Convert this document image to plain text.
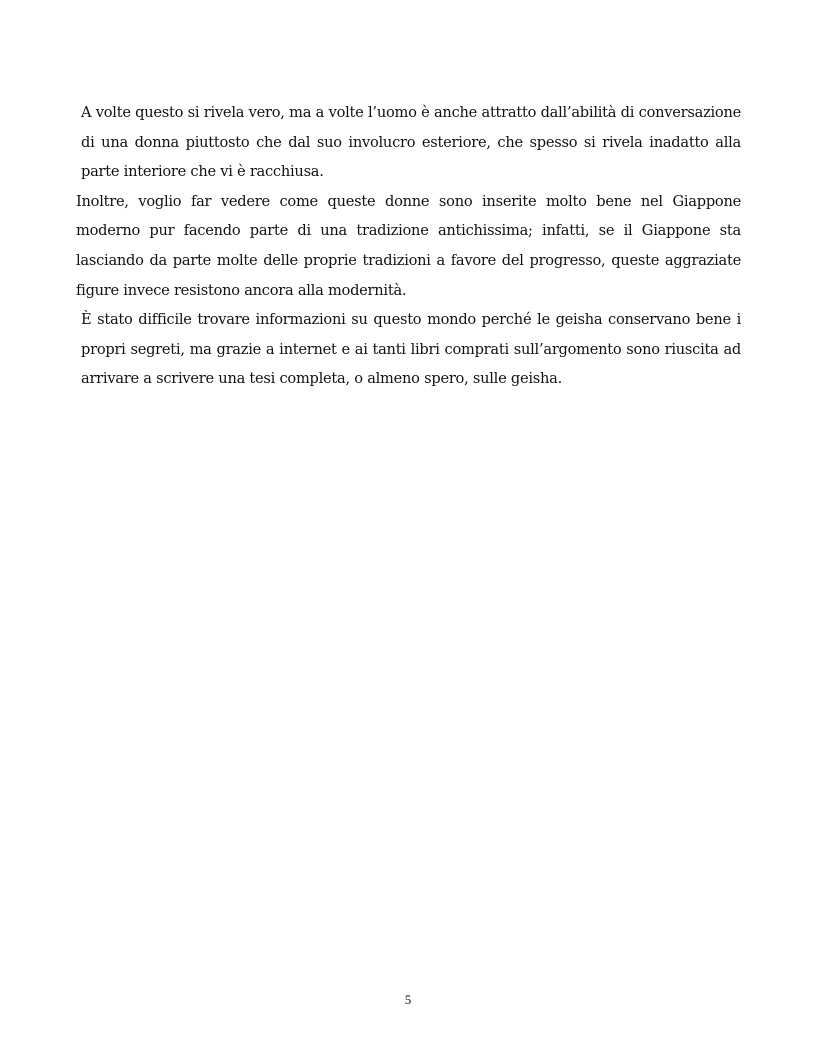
A volte questo si rivela vero, ma a volte l’uomo è anche attratto dall’abilità di conversazione di una donna piuttosto che dal suo involucro esteriore, che spesso si rivela inadatto alla parte interiore che vi è racchiusa.

Inoltre, voglio far vedere come queste donne sono inserite molto bene nel Giappone moderno pur facendo parte di una tradizione antichissima; infatti, se il Giappone sta lasciando da parte molte delle proprie tradizioni a favore del progresso, queste aggraziate figure invece resistono ancora alla modernità.

È stato difficile trovare informazioni su questo mondo perché le geisha conservano bene i propri segreti, ma grazie a internet e ai tanti libri comprati sull’argomento sono riuscita ad arrivare a scrivere una tesi completa, o almeno spero, sulle geisha.

5
